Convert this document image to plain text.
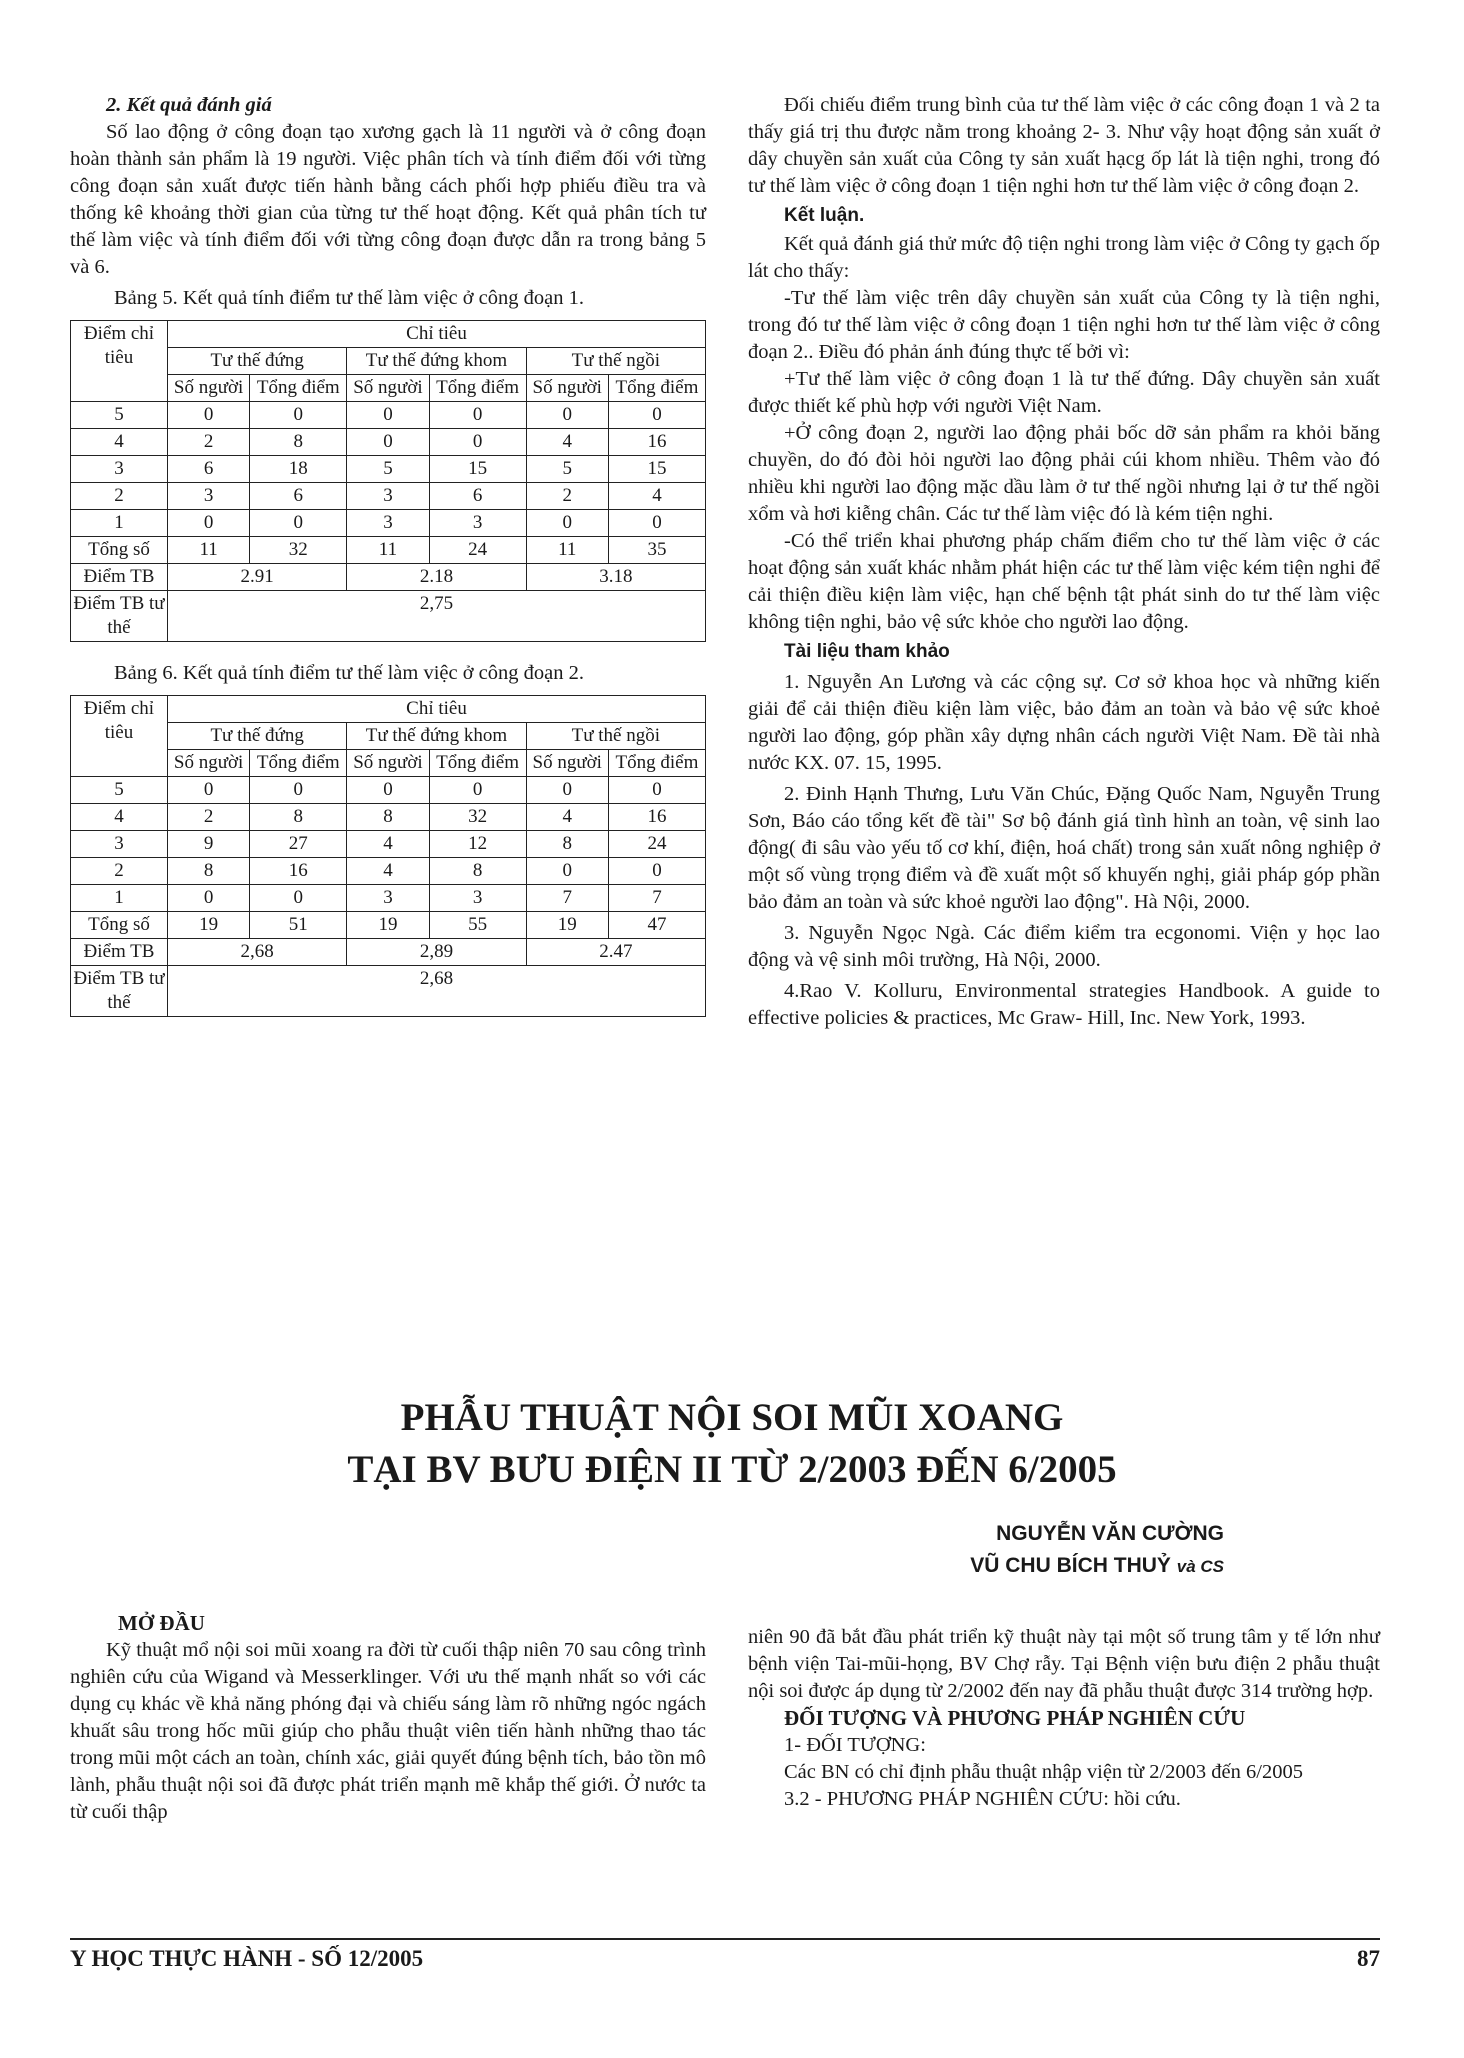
2. Kết quả đánh giá

Số lao động ở công đoạn tạo xương gạch là 11 người và ở công đoạn hoàn thành sản phẩm là 19 người. Việc phân tích và tính điểm đối với từng công đoạn sản xuất được tiến hành bằng cách phối hợp phiếu điều tra và thống kê khoảng thời gian của từng tư thế hoạt động. Kết quả phân tích tư thế làm việc và tính điểm đối với từng công đoạn được dẫn ra trong bảng 5 và 6.

Bảng 5. Kết quả tính điểm tư thế làm việc ở công đoạn 1.

Điểm chỉ tiêu	Chỉ tiêu					
	Tư thế đứng		Tư thế đứng khom		Tư thế ngồi	
	Số người	Tổng điểm	Số người	Tổng điểm	Số người	Tổng điểm
5	0	0	0	0	0	0
4	2	8	0	0	4	16
3	6	18	5	15	5	15
2	3	6	3	6	2	4
1	0	0	3	3	0	0
Tổng số	11	32	11	24	11	35
Điểm TB	2.91		2.18		3.18	
Điểm TB tư thế	2,75					

Bảng 6. Kết quả tính điểm tư thế làm việc ở công đoạn 2.

Điểm chỉ tiêu	Chỉ tiêu					
	Tư thế đứng		Tư thế đứng khom		Tư thế ngồi	
	Số người	Tổng điểm	Số người	Tổng điểm	Số người	Tổng điểm
5	0	0	0	0	0	0
4	2	8	8	32	4	16
3	9	27	4	12	8	24
2	8	16	4	8	0	0
1	0	0	3	3	7	7
Tổng số	19	51	19	55	19	47
Điểm TB	2,68		2,89		2.47	
Điểm TB tư thế	2,68					

Đối chiếu điểm trung bình của tư thế làm việc ở các công đoạn 1 và 2 ta thấy giá trị thu được nằm trong khoảng 2- 3. Như vậy hoạt động sản xuất ở dây chuyền sản xuất của Công ty sản xuất hạcg ốp lát là tiện nghi, trong đó tư thế làm việc ở công đoạn 1 tiện nghi hơn tư thế làm việc ở công đoạn 2.

Kết luận.

Kết quả đánh giá thử mức độ tiện nghi trong làm việc ở Công ty gạch ốp lát cho thấy:

-Tư thế làm việc trên dây chuyền sản xuất của Công ty là tiện nghi, trong đó tư thế làm việc ở công đoạn 1 tiện nghi hơn tư thế làm việc ở công đoạn 2.. Điều đó phản ánh đúng thực tế bởi vì:

+Tư thế làm việc ở công đoạn 1 là tư thế đứng. Dây chuyền sản xuất được thiết kế phù hợp với người Việt Nam.

+Ở công đoạn 2, người lao động phải bốc dỡ sản phẩm ra khỏi băng chuyền, do đó đòi hỏi người lao động phải cúi khom nhiều. Thêm vào đó nhiều khi người lao động mặc dầu làm ở tư thế ngồi nhưng lại ở tư thế ngồi xổm và hơi kiễng chân. Các tư thế làm việc đó là kém tiện nghi.

-Có thể triển khai phương pháp chấm điểm cho tư thế làm việc ở các hoạt động sản xuất khác nhằm phát hiện các tư thế làm việc kém tiện nghi để cải thiện điều kiện làm việc, hạn chế bệnh tật phát sinh do tư thế làm việc không tiện nghi, bảo vệ sức khỏe cho người lao động.

Tài liệu tham khảo

1. Nguyễn An Lương và các cộng sự. Cơ sở khoa học và những kiến giải để cải thiện điều kiện làm việc, bảo đảm an toàn và bảo vệ sức khoẻ người lao động, góp phần xây dựng nhân cách người Việt Nam. Đề tài nhà nước KX. 07. 15, 1995.

2. Đinh Hạnh Thưng, Lưu Văn Chúc, Đặng Quốc Nam, Nguyễn Trung Sơn, Báo cáo tổng kết đề tài" Sơ bộ đánh giá tình hình an toàn, vệ sinh lao động( đi sâu vào yếu tố cơ khí, điện, hoá chất) trong sản xuất nông nghiệp ở một số vùng trọng điểm và đề xuất một số khuyến nghị, giải pháp góp phần bảo đảm an toàn và sức khoẻ người lao động". Hà Nội, 2000.

3. Nguyễn Ngọc Ngà. Các điểm kiểm tra ecgonomi. Viện y học lao động và vệ sinh môi trường, Hà Nội, 2000.

4.Rao V. Kolluru, Environmental strategies Handbook. A guide to effective policies & practices, Mc Graw- Hill, Inc. New York, 1993.

PHẪU THUẬT NỘI SOI MŨI XOANG
TẠI BV BƯU ĐIỆN II TỪ 2/2003 ĐẾN 6/2005
NGUYỄN VĂN CƯỜNG
VŨ CHU BÍCH THUỶ và CS

MỞ ĐẦU

Kỹ thuật mổ nội soi mũi xoang ra đời từ cuối thập niên 70 sau công trình nghiên cứu của Wigand và Messerklinger. Với ưu thế mạnh nhất so với các dụng cụ khác về khả năng phóng đại và chiếu sáng làm rõ những ngóc ngách khuất sâu trong hốc mũi giúp cho phẫu thuật viên tiến hành những thao tác trong mũi một cách an toàn, chính xác, giải quyết đúng bệnh tích, bảo tồn mô lành, phẫu thuật nội soi đã được phát triển mạnh mẽ khắp thế giới. Ở nước ta từ cuối thập

niên 90 đã bắt đầu phát triển kỹ thuật này tại một số trung tâm y tế lớn như bệnh viện Tai-mũi-họng, BV Chợ rẫy. Tại Bệnh viện bưu điện 2 phẫu thuật nội soi được áp dụng từ 2/2002 đến nay đã phẫu thuật được 314 trường hợp.

ĐỐI TƯỢNG VÀ PHƯƠNG PHÁP NGHIÊN CỨU

1- ĐỐI TƯỢNG:

Các BN có chỉ định phẫu thuật nhập viện từ 2/2003 đến 6/2005

3.2 - PHƯƠNG PHÁP NGHIÊN CỨU: hồi cứu.

Y HỌC THỰC HÀNH - SỐ 12/2005	87
